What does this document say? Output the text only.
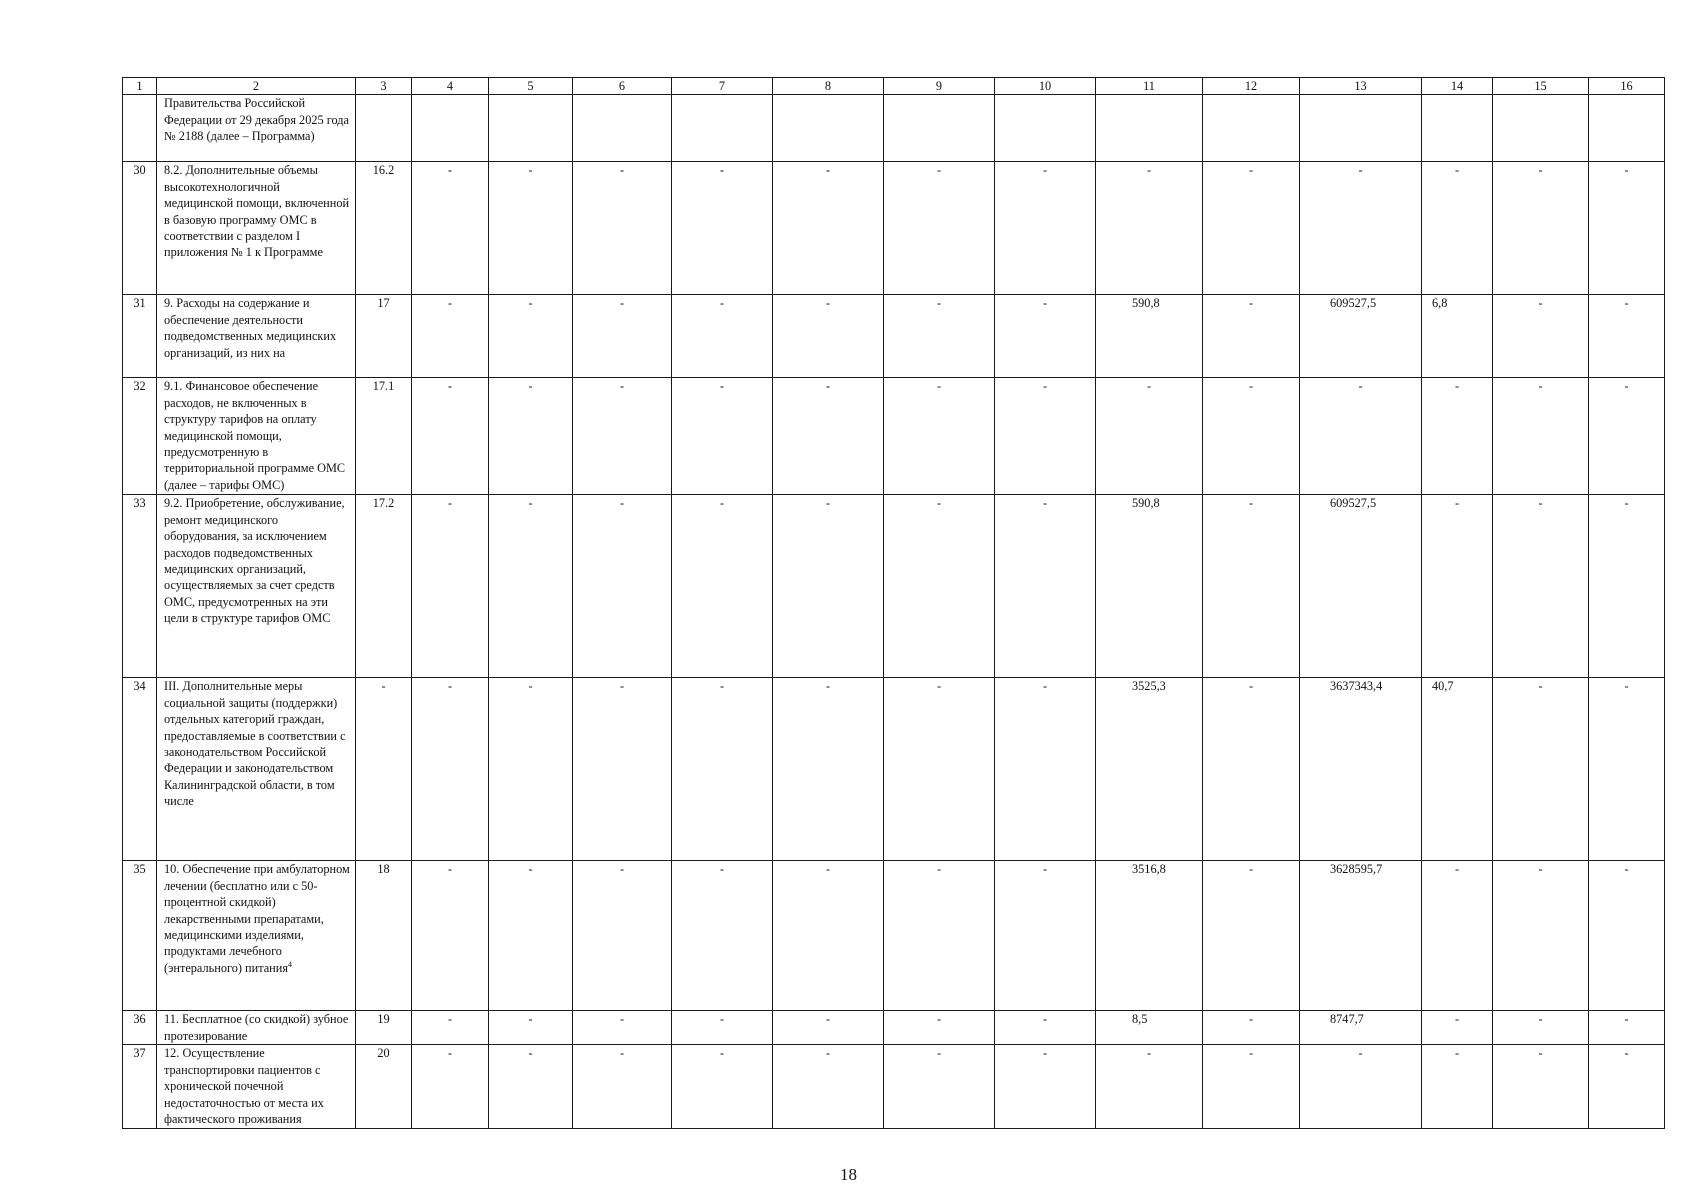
1	2	3	4	5	6	7	8	9	10	11	12	13	14	15	16
	Правительства Российской Федерации от 29 декабря 2025 года № 2188 (далее – Программа)														
30	8.2. Дополнительные объемы высокотехнологичной медицинской помощи, включенной в базовую программу ОМС в соответствии с разделом I приложения № 1 к Программе	16.2	-	-	-	-	-	-	-	-	-	-	-	-	-
31	9. Расходы на содержание и обеспечение деятельности подведомственных медицинских организаций, из них на	17	-	-	-	-	-	-	-	590,8	-	609527,5	6,8	-	-
32	9.1. Финансовое обеспечение расходов, не включенных в структуру тарифов на оплату медицинской помощи, предусмотренную в территориальной программе ОМС (далее – тарифы ОМС)	17.1	-	-	-	-	-	-	-	-	-	-	-	-	-
33	9.2. Приобретение, обслуживание, ремонт медицинского оборудования, за исключением расходов подведомственных медицинских организаций, осуществляемых за счет средств ОМС, предусмотренных на эти цели в структуре тарифов ОМС	17.2	-	-	-	-	-	-	-	590,8	-	609527,5	-	-	-
34	III. Дополнительные меры социальной защиты (поддержки) отдельных категорий граждан, предоставляемые в соответствии с законодательством Российской Федерации и законодательством Калининградской области, в том числе	-	-	-	-	-	-	-	-	3525,3	-	3637343,4	40,7	-	-
35	10. Обеспечение при амбулаторном лечении (бесплатно или с 50-процентной скидкой) лекарственными препаратами, медицинскими изделиями, продуктами лечебного (энтерального) питания$^4$	18	-	-	-	-	-	-	-	3516,8	-	3628595,7	-	-	-
36	11. Бесплатное (со скидкой) зубное протезирование	19	-	-	-	-	-	-	-	8,5	-	8747,7	-	-	-
37	12. Осуществление транспортировки пациентов с хронической почечной недостаточностью от места их фактического проживания	20	-	-	-	-	-	-	-	-	-	-	-	-	-
18
